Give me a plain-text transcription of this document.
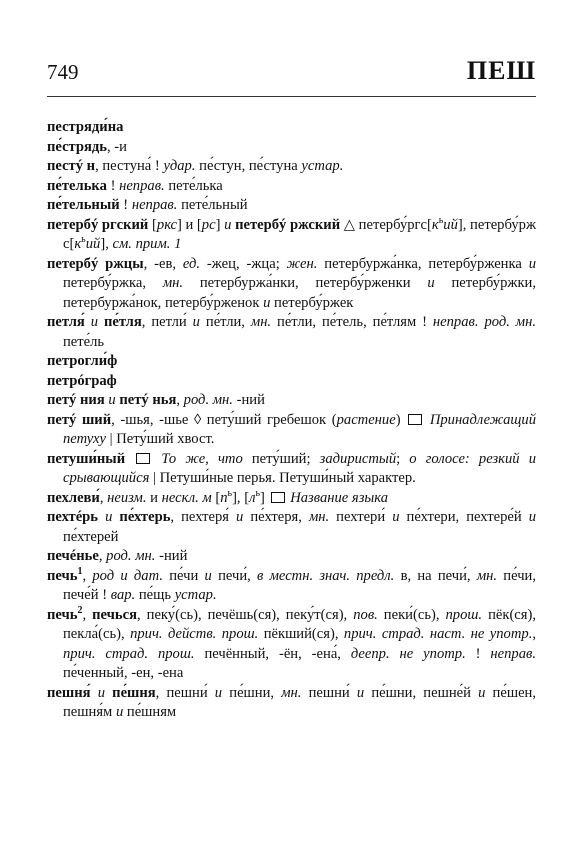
749	ПЕШ

пестряди́на

пе́стрядь, -и

пестý н, пестуна́ ! удар. пе́стун, пе́стуна устар.

пе́телька ! неправ. пете́лька

пе́тельный ! неправ. пете́льный

петербý ргский [ркс] и [рс] и петербý ржский △ $петербу́ргс[к^ьий]$, петербу́рж $с[к^ьий]$, см. прим. 1

петербý ржцы, -ев, ед. -жец, -жца; жен. петербуржа́нка, петербу́рженка и петербу́ржка, мн. петербуржа́нки, петербу́рженки и петербу́ржки, петербуржа́нок, петербу́рженок и петербу́ржек

петля́ и пе́тля, петли́ и пе́тли, мн. пе́тли, пе́тель, пе́тлям ! неправ. род. мн. пете́ль

петрогли́ф

петрóграф

петý ния и петý нья, род. мн. -ний

петý ший, -шья, -шье ◊ пету́ший гребешок (растение)  Принадлежащий петуху | Пету́ший хвост.

петуши́ный То же, что пету́ший; задиристый; о голосе: резкий и срывающийся | Петуши́ные перья. Петуши́ный характер.

пехлеви́, неизм. и нескл. м $[п^ь]$, $[л^ь]$  Название языка

пехтéрь и пе́хтерь, пехтеря́ и пе́хтеря, мн. пехтери́ и пе́хтери, пехтере́й и пе́хтерей

печéнье, род. мн. -ний

печь$^1$, род и дат. пе́чи и печи́, в местн. знач. предл. в, на печи́, мн. пе́чи, пече́й ! вар. пе́щь устар.

печь$^2$, печься, пеку́(сь), печёшь(ся), пеку́т(ся), пов. пеки́(сь), прош. пёк(ся), пекла́(сь), прич. действ. прош. пёкший(ся), прич. страд. наст. не употр., прич. страд. прош. печённый, -ён, -ена́, деепр. не употр. ! неправ. пе́ченный, -ен, -ена

пешня́ и пе́шня, пешни́ и пе́шни, мн. пешни́ и пе́шни, пешне́й и пе́шен, пешня́м и пе́шням
